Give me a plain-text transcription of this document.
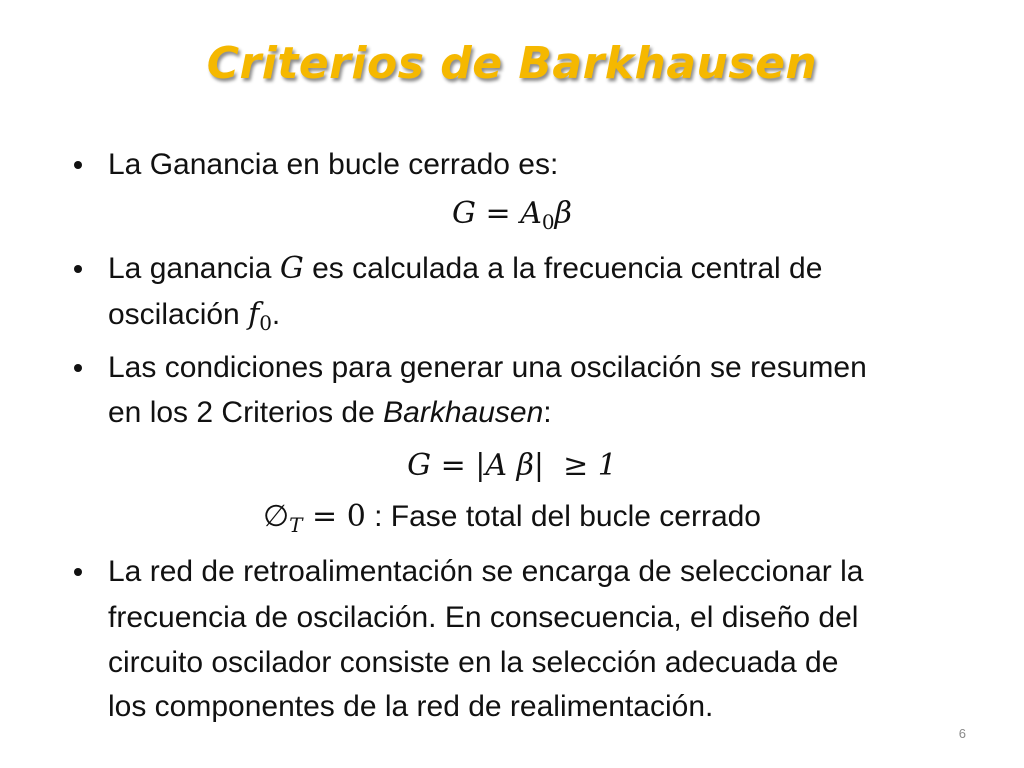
Criterios de Barkhausen
La Ganancia en bucle cerrado es:
$G = A_0\beta$
La ganancia G es calculada a la frecuencia central de
oscilación $f_0$.
Las condiciones para generar una oscilación se resumen
en los 2 Criterios de Barkhausen:
G = |A β|  ≥ 1
$\emptyset_T = 0$ : Fase total del bucle cerrado
La red de retroalimentación se encarga de seleccionar la
frecuencia de oscilación. En consecuencia, el diseño del
circuito oscilador consiste en la selección adecuada de
los componentes de la red de realimentación.
6
